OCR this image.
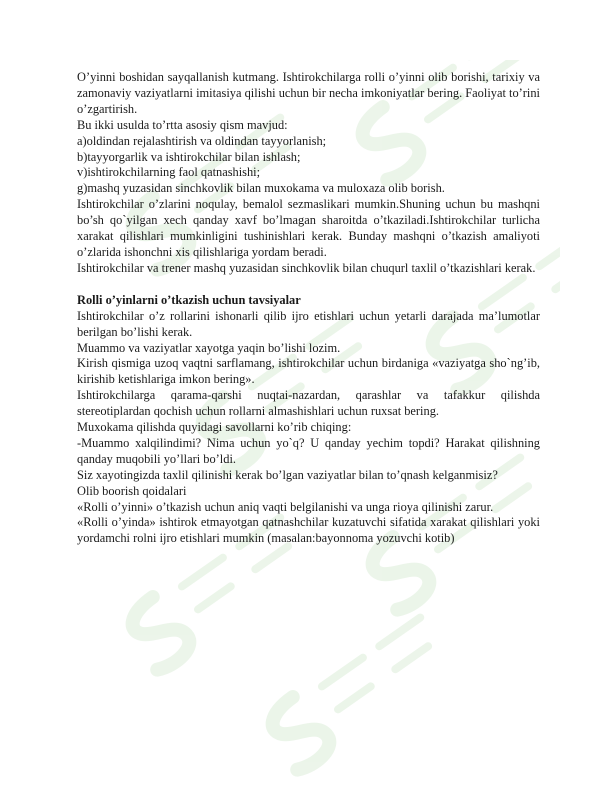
O’yinni boshidan sayqallanish kutmang. Ishtirokchilarga rolli o’yinni olib borishi, tarixiy va zamonaviy vaziyatlarni imitasiya qilishi uchun bir necha imkoniyatlar bering. Faoliyat to’rini o’zgartirish.

Bu ikki usulda to’rtta asosiy qism mavjud:

a)oldindan rejalashtirish va oldindan tayyorlanish;

b)tayyorgarlik va ishtirokchilar bilan ishlash;

v)ishtirokchilarning faol qatnashishi;

g)mashq yuzasidan sinchkovlik bilan muxokama va muloxaza olib borish.

Ishtirokchilar o’zlarini noqulay, bemalol sezmaslikari mumkin.Shuning uchun bu mashqni bo’sh qo`yilgan xech qanday xavf bo’lmagan sharoitda o’tkaziladi.Ishtirokchilar turlicha xarakat qilishlari mumkinligini tushinishlari kerak. Bunday mashqni o’tkazish amaliyoti o’zlarida ishonchni xis qilishlariga yordam beradi.

Ishtirokchilar va trener mashq yuzasidan sinchkovlik bilan chuqurl taxlil o’tkazishlari kerak.

Rolli o’yinlarni o’tkazish uchun tavsiyalar

Ishtirokchilar o’z rollarini ishonarli qilib ijro etishlari uchun yetarli darajada ma’lumotlar berilgan bo’lishi kerak.

Muammo va vaziyatlar xayotga yaqin bo’lishi lozim.

Kirish qismiga uzoq vaqtni sarflamang, ishtirokchilar uchun birdaniga «vaziyatga sho`ng’ib, kirishib ketishlariga imkon bering».

Ishtirokchilarga qarama-qarshi nuqtai-nazardan, qarashlar va tafakkur qilishda stereotiplardan qochish uchun rollarni almashishlari uchun ruxsat bering.

Muxokama qilishda quyidagi savollarni ko’rib chiqing:

-Muammo xalqilindimi? Nima uchun yo`q? U qanday yechim topdi? Harakat qilishning qanday muqobili yo’llari bo’ldi.

Siz xayotingizda taxlil qilinishi kerak bo’lgan vaziyatlar bilan to’qnash kelganmisiz?

Olib boorish qoidalari

«Rolli o’yinni» o’tkazish uchun aniq vaqti belgilanishi va unga rioya qilinishi zarur.

«Rolli o’yinda» ishtirok etmayotgan qatnashchilar kuzatuvchi sifatida xarakat qilishlari yoki yordamchi rolni ijro etishlari mumkin (masalan:bayonnoma yozuvchi kotib)
